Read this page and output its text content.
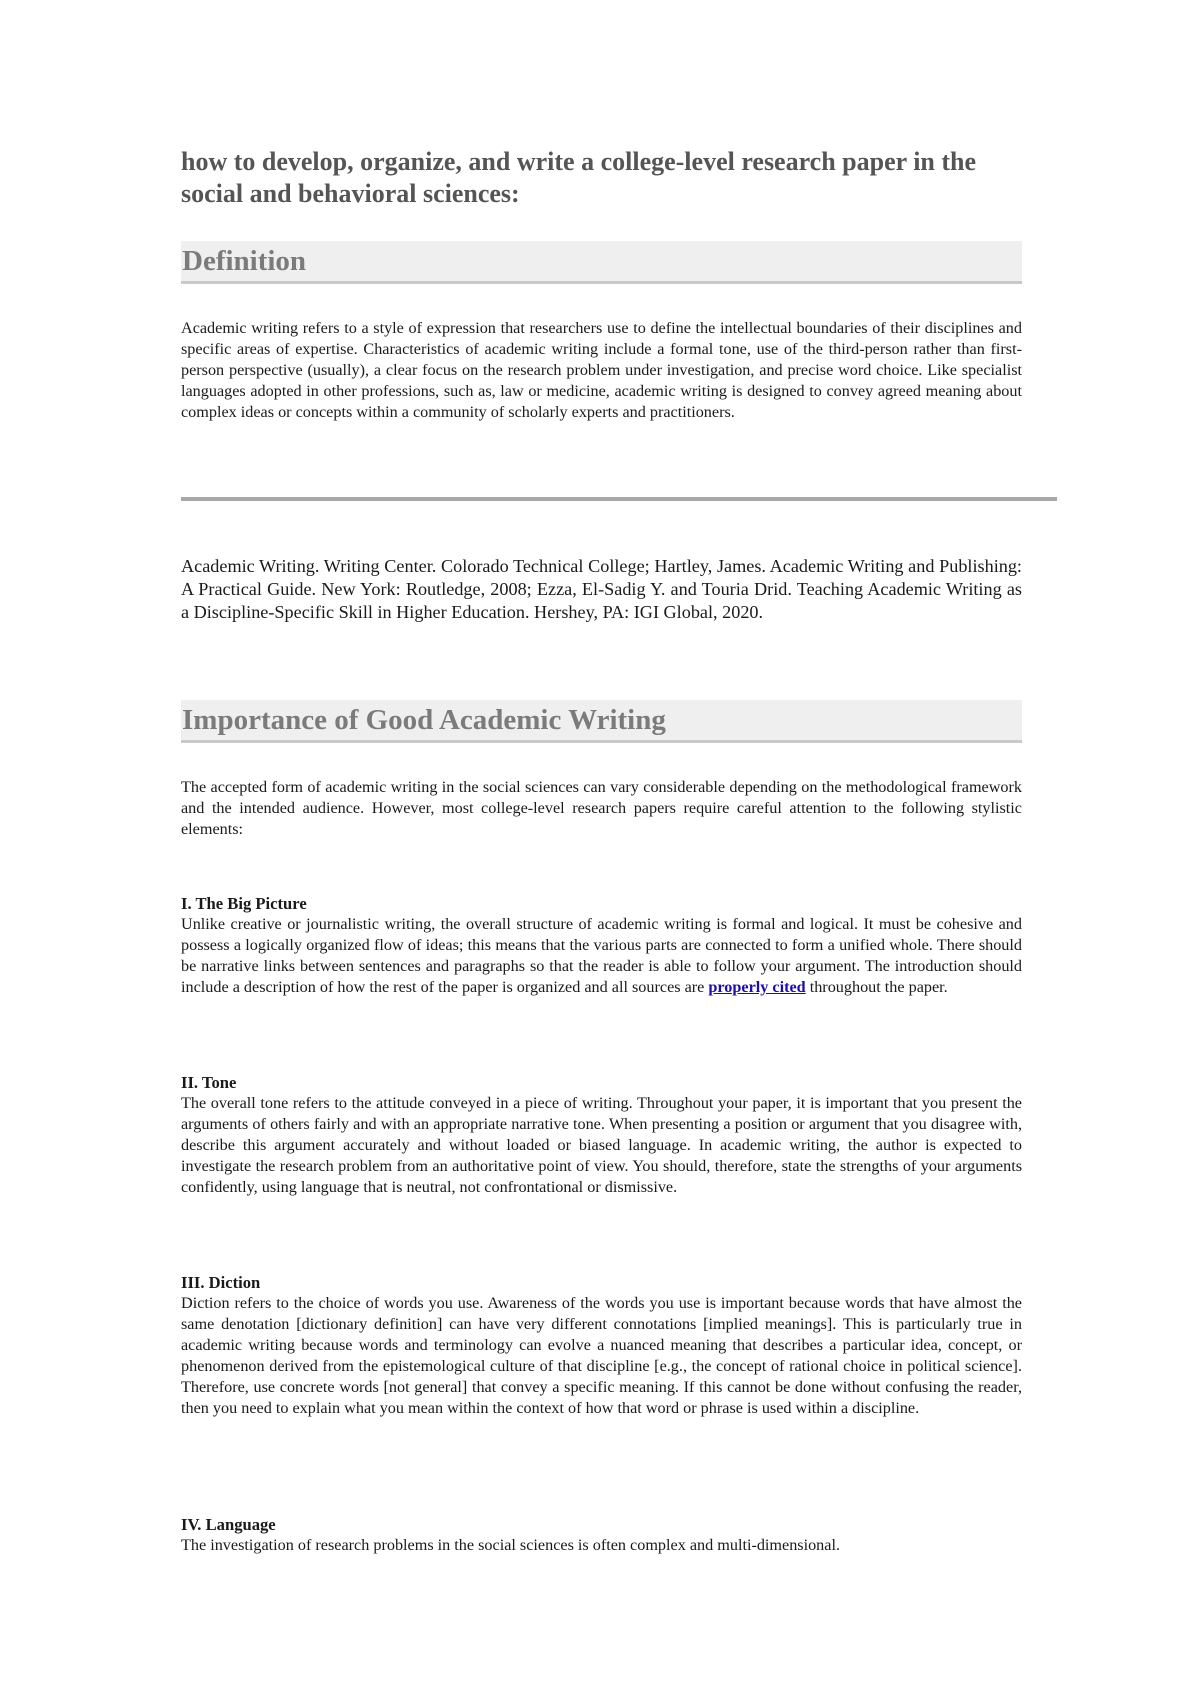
how to develop, organize, and write a college-level research paper in the social and behavioral sciences:
Definition

Academic writing refers to a style of expression that researchers use to define the intellectual boundaries of their disciplines and specific areas of expertise. Characteristics of academic writing include a formal tone, use of the third-person rather than first-person perspective (usually), a clear focus on the research problem under investigation, and precise word choice. Like specialist languages adopted in other professions, such as, law or medicine, academic writing is designed to convey agreed meaning about complex ideas or concepts within a community of scholarly experts and practitioners.

Academic Writing. Writing Center. Colorado Technical College; Hartley, James. Academic Writing and Publishing: A Practical Guide. New York: Routledge, 2008; Ezza, El-Sadig Y. and Touria Drid. Teaching Academic Writing as a Discipline-Specific Skill in Higher Education. Hershey, PA: IGI Global, 2020.

Importance of Good Academic Writing

The accepted form of academic writing in the social sciences can vary considerable depending on the methodological framework and the intended audience. However, most college-level research papers require careful attention to the following stylistic elements:

I. The Big Picture
Unlike creative or journalistic writing, the overall structure of academic writing is formal and logical. It must be cohesive and possess a logically organized flow of ideas; this means that the various parts are connected to form a unified whole. There should be narrative links between sentences and paragraphs so that the reader is able to follow your argument. The introduction should include a description of how the rest of the paper is organized and all sources are properly cited throughout the paper.
II. Tone
The overall tone refers to the attitude conveyed in a piece of writing. Throughout your paper, it is important that you present the arguments of others fairly and with an appropriate narrative tone. When presenting a position or argument that you disagree with, describe this argument accurately and without loaded or biased language. In academic writing, the author is expected to investigate the research problem from an authoritative point of view. You should, therefore, state the strengths of your arguments confidently, using language that is neutral, not confrontational or dismissive.
III. Diction
Diction refers to the choice of words you use. Awareness of the words you use is important because words that have almost the same denotation [dictionary definition] can have very different connotations [implied meanings]. This is particularly true in academic writing because words and terminology can evolve a nuanced meaning that describes a particular idea, concept, or phenomenon derived from the epistemological culture of that discipline [e.g., the concept of rational choice in political science]. Therefore, use concrete words [not general] that convey a specific meaning. If this cannot be done without confusing the reader, then you need to explain what you mean within the context of how that word or phrase is used within a discipline.
IV. Language
The investigation of research problems in the social sciences is often complex and multi-dimensional.
